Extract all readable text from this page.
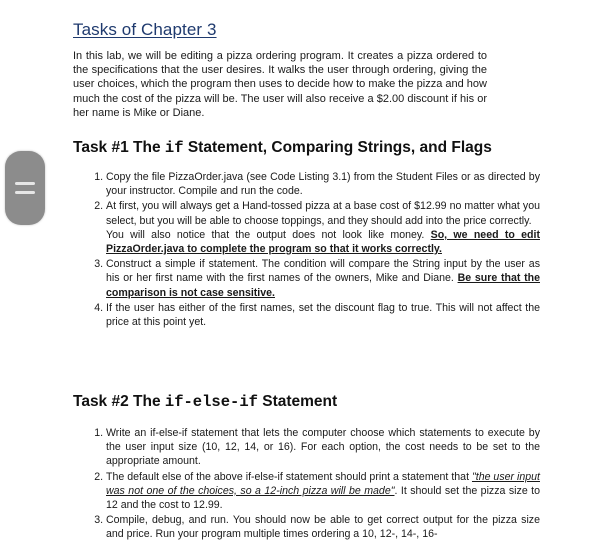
Tasks of Chapter 3

In this lab, we will be editing a pizza ordering program. It creates a pizza ordered to the specifications that the user desires. It walks the user through ordering, giving the user choices, which the program then uses to decide how to make the pizza and how much the cost of the pizza will be. The user will also receive a $2.00 discount if his or her name is Mike or Diane.

Task #1 The if Statement, Comparing Strings, and Flags
1. Copy the file PizzaOrder.java (see Code Listing 3.1) from the Student Files or as directed by your instructor. Compile and run the code.
2. At first, you will always get a Hand-tossed pizza at a base cost of $12.99 no matter what you select, but you will be able to choose toppings, and they should add into the price correctly.
You will also notice that the output does not look like money. So, we need to edit PizzaOrder.java to complete the program so that it works correctly.
3. Construct a simple if statement. The condition will compare the String input by the user as his or her first name with the first names of the owners, Mike and Diane. Be sure that the comparison is not case sensitive.
4. If the user has either of the first names, set the discount flag to true. This will not affect the price at this point yet.
Task #2 The if-else-if Statement
1. Write an if-else-if statement that lets the computer choose which statements to execute by the user input size (10, 12, 14, or 16). For each option, the cost needs to be set to the appropriate amount.
2. The default else of the above if-else-if statement should print a statement that "the user input was not one of the choices, so a 12-inch pizza will be made". It should set the pizza size to 12 and the cost to 12.99.
3. Compile, debug, and run. You should now be able to get correct output for the pizza size and price. Run your program multiple times ordering a 10, 12-, 14-, 16-
